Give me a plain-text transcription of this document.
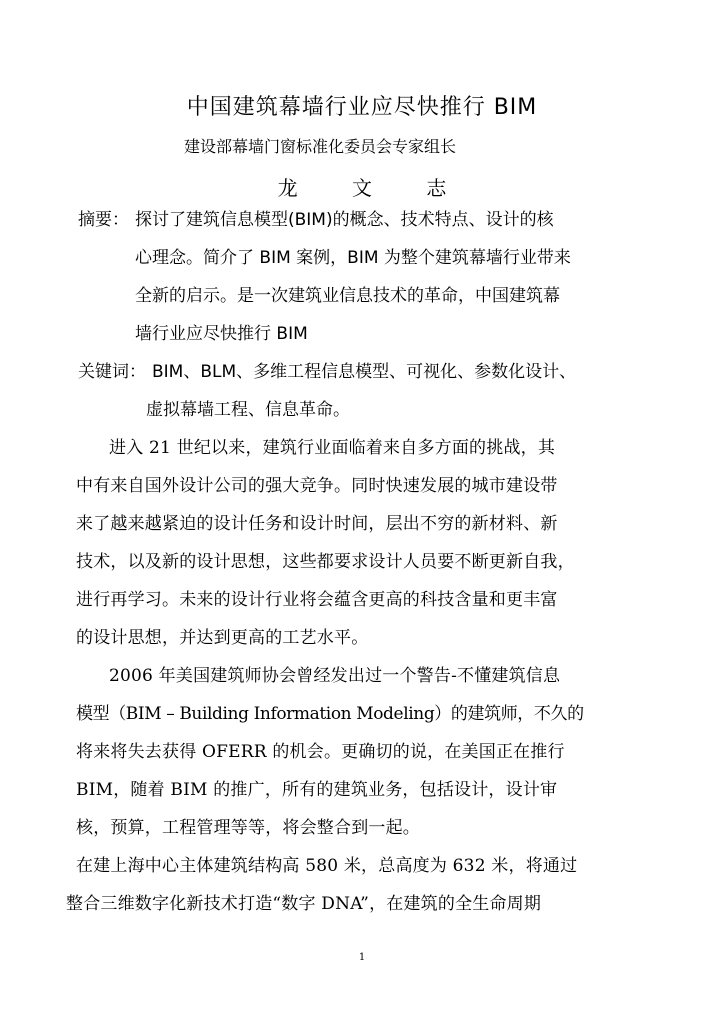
中国建筑幕墙行业应尽快推行 BIM
建设部幕墙门窗标准化委员会专家组长
龙	文	志
摘要： 探讨了建筑信息模型(BIM)的概念、技术特点、设计的核
心理念。简介了 BIM 案例，BIM 为整个建筑幕墙行业带来
全新的启示。是一次建筑业信息技术的革命，中国建筑幕
墙行业应尽快推行 BIM
关键词： BIM、BLM、多维工程信息模型、可视化、参数化设计、
虚拟幕墙工程、信息革命。
进入 21 世纪以来，建筑行业面临着来自多方面的挑战，其
中有来自国外设计公司的强大竞争。同时快速发展的城市建设带
来了越来越紧迫的设计任务和设计时间，层出不穷的新材料、新
技术，以及新的设计思想，这些都要求设计人员要不断更新自我，
进行再学习。未来的设计行业将会蕴含更高的科技含量和更丰富
的设计思想，并达到更高的工艺水平。
2006 年美国建筑师协会曾经发出过一个警告-不懂建筑信息
模型（BIM – Building Information Modeling）的建筑师，不久的
将来将失去获得 OFERR 的机会。更确切的说，在美国正在推行
BIM，随着 BIM 的推广，所有的建筑业务，包括设计，设计审
核，预算，工程管理等等，将会整合到一起。
在建上海中心主体建筑结构高 580 米，总高度为 632 米，将通过
整合三维数字化新技术打造“数字 DNA”，在建筑的全生命周期
1
